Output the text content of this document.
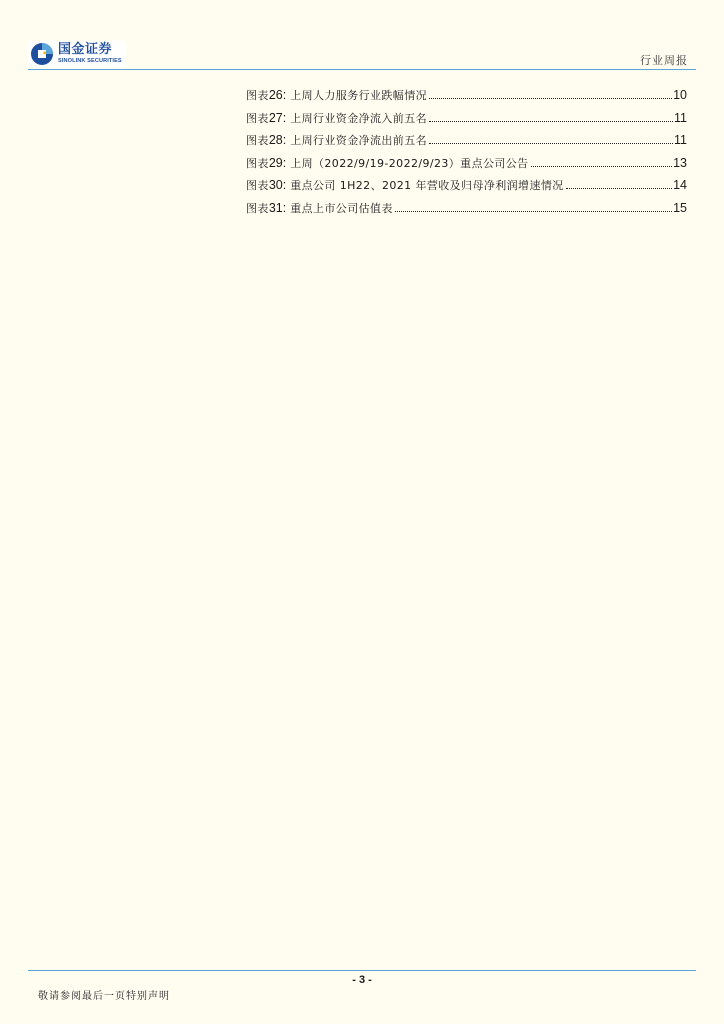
国金证券
SINOLINK SECURITIES	行业周报
图表 26 : 上周人力服务行业跌幅情况	10
图表 27 : 上周行业资金净流入前五名	11
图表 28 : 上周行业资金净流出前五名	11
图表 29 : 上周（2022/9/19-2022/9/23）重点公司公告	13
图表 30 : 重点公司 1H22、2021 年营收及归母净利润增速情况	14
图表 31 : 重点上市公司估值表	15
- 3 -
敬请参阅最后一页特别声明
